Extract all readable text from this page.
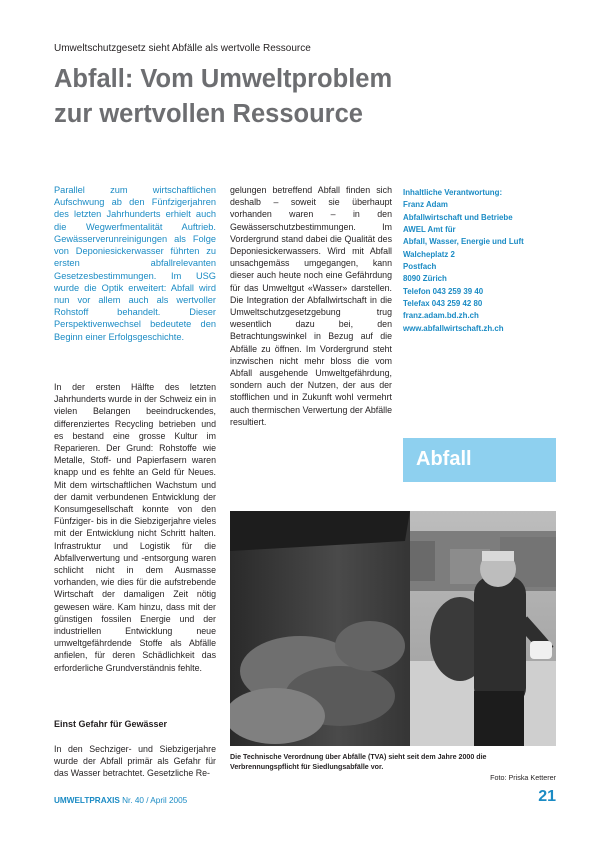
Umweltschutzgesetz sieht Abfälle als wertvolle Ressource
Abfall: Vom Umweltproblem
zur wertvollen Ressource

Parallel zum wirtschaftlichen Aufschwung ab den Fünfzigerjahren des letzten Jahrhunderts erhielt auch die Wegwerfmentalität Auftrieb. Gewässerverunreinigungen als Folge von Deponiesickerwasser führten zu ersten abfallrelevanten Gesetzesbestimmungen. Im USG wurde die Optik erweitert: Abfall wird nun vor allem auch als wertvoller Rohstoff behandelt. Dieser Perspektivenwechsel bedeutete den Beginn einer Erfolgsgeschichte.

In der ersten Hälfte des letzten Jahrhunderts wurde in der Schweiz ein in vielen Belangen beeindruckendes, differenziertes Recycling betrieben und es bestand eine grosse Kultur im Reparieren. Der Grund: Rohstoffe wie Metalle, Stoff- und Papierfasern waren knapp und es fehlte an Geld für Neues. Mit dem wirtschaftlichen Wachstum und der damit verbundenen Entwicklung der Konsumgesellschaft konnte von den Fünfziger- bis in die Siebzigerjahre vieles mit der Entwicklung nicht Schritt halten. Infrastruktur und Logistik für die Abfallverwertung und -entsorgung waren schlicht nicht in dem Ausmasse vorhanden, wie dies für die aufstrebende Wirtschaft der damaligen Zeit nötig gewesen wäre. Kam hinzu, dass mit der günstigen fossilen Energie und der industriellen Entwicklung neue umweltgefährdende Stoffe als Abfälle anfielen, für deren Schädlichkeit das erforderliche Grundverständnis fehlte.

Einst Gefahr für Gewässer

In den Sechziger- und Siebzigerjahre wurde der Abfall primär als Gefahr für das Wasser betrachtet. Gesetzliche Re-

gelungen betreffend Abfall finden sich deshalb – soweit sie überhaupt vorhanden waren – in den Gewässerschutzbestimmungen. Im Vordergrund stand dabei die Qualität des Deponiesickerwassers. Wird mit Abfall unsachgemäss umgegangen, kann dieser auch heute noch eine Gefährdung für das Umweltgut «Wasser» darstellen. Die Integration der Abfallwirtschaft in die Umweltschutzgesetzgebung trug wesentlich dazu bei, den Betrachtungswinkel in Bezug auf die Abfälle zu öffnen. Im Vordergrund steht inzwischen nicht mehr bloss die vom Abfall ausgehende Umweltgefährdung, sondern auch der Nutzen, der aus der stofflichen und in Zukunft wohl vermehrt auch thermischen Verwertung der Abfälle resultiert.

Inhaltliche Verantwortung:
Franz Adam
Abfallwirtschaft und Betriebe
AWEL Amt für
Abfall, Wasser, Energie und Luft
Walcheplatz 2
Postfach
8090 Zürich
Telefon 043 259 39 40
Telefax 043 259 42 80
franz.adam.bd.zh.ch
www.abfallwirtschaft.zh.ch
Abfall

Die Technische Verordnung über Abfälle (TVA) sieht seit dem Jahre 2000 die Verbrennungspflicht für Siedlungsabfälle vor.

Foto: Priska Ketterer
UMWELTPRAXIS Nr. 40 / April 2005	21
